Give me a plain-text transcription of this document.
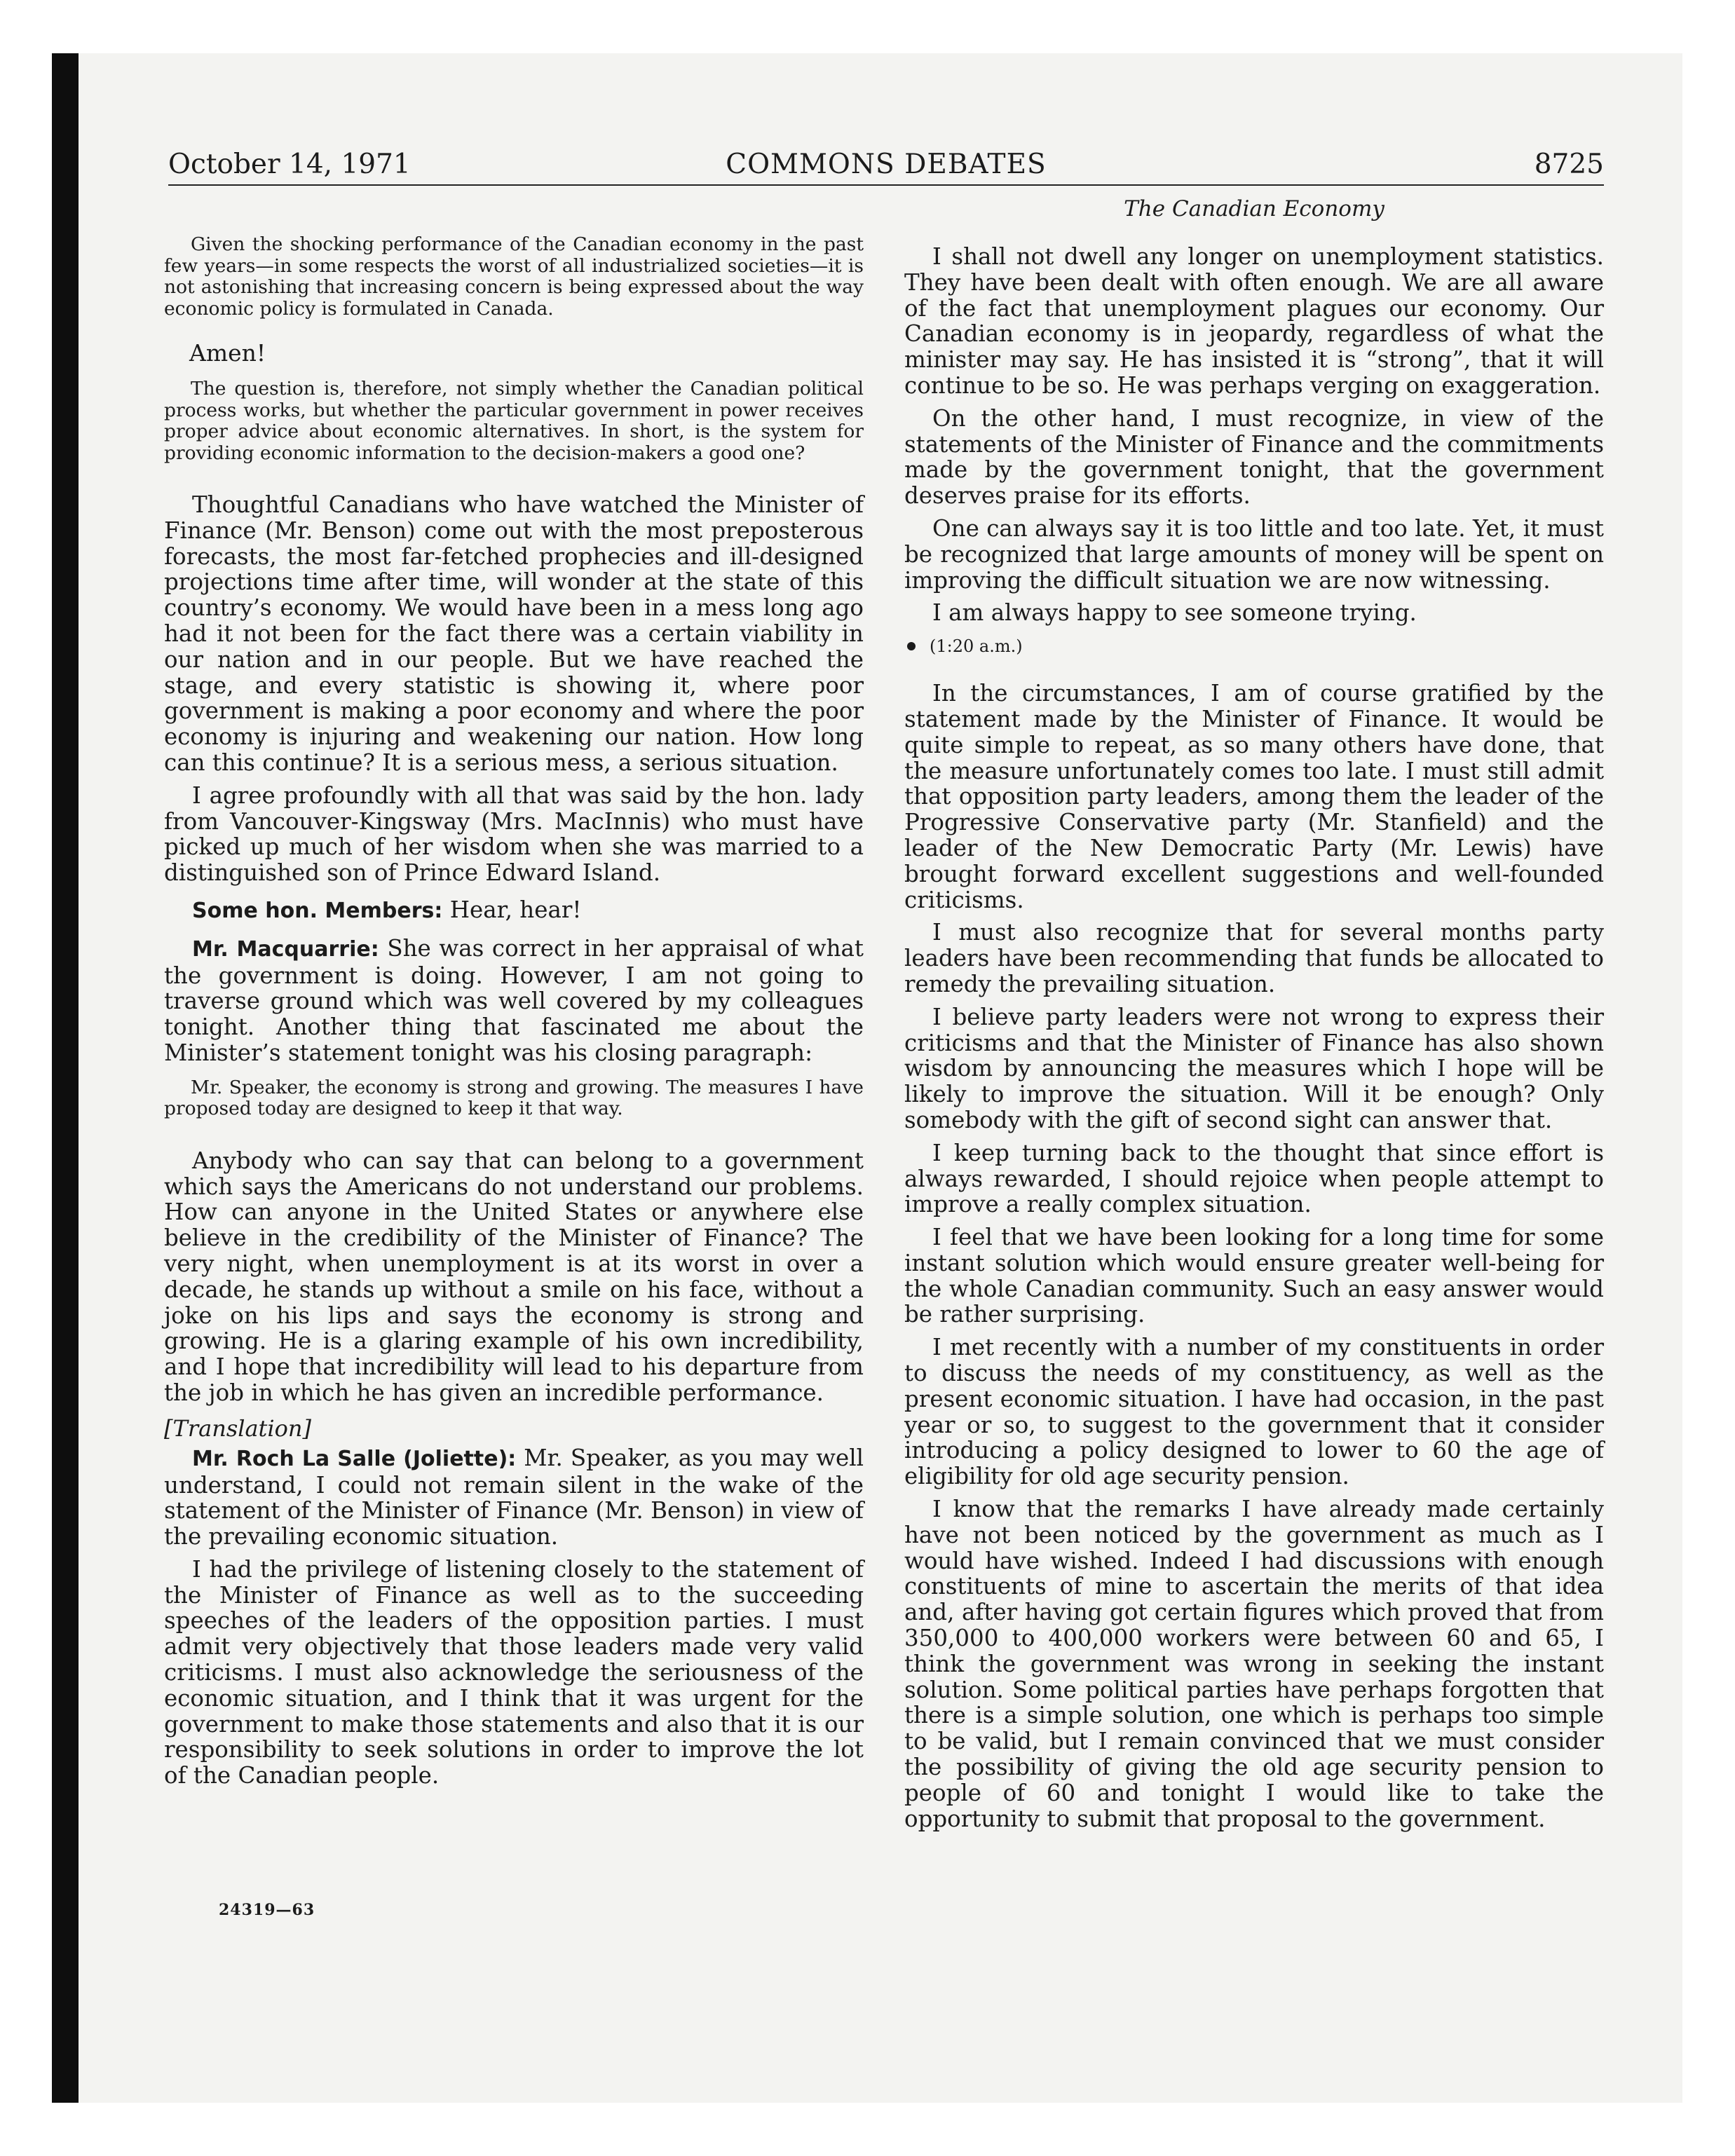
COMMONS DEBATES
October 14, 1971	8725

Given the shocking performance of the Canadian economy in the past few years—in some respects the worst of all industrialized societies—it is not astonishing that increasing concern is being expressed about the way economic policy is formulated in Canada.

Amen!

The question is, therefore, not simply whether the Canadian political process works, but whether the particular government in power receives proper advice about economic alternatives. In short, is the system for providing economic information to the decision-makers a good one?

Thoughtful Canadians who have watched the Minister of Finance (Mr. Benson) come out with the most preposterous forecasts, the most far-fetched prophecies and ill-designed projections time after time, will wonder at the state of this country’s economy. We would have been in a mess long ago had it not been for the fact there was a certain viability in our nation and in our people. But we have reached the stage, and every statistic is showing it, where poor government is making a poor economy and where the poor economy is injuring and weakening our nation. How long can this continue? It is a serious mess, a serious situation.

I agree profoundly with all that was said by the hon. lady from Vancouver-Kingsway (Mrs. MacInnis) who must have picked up much of her wisdom when she was married to a distinguished son of Prince Edward Island.

Some hon. Members: Hear, hear!

Mr. Macquarrie: She was correct in her appraisal of what the government is doing. However, I am not going to traverse ground which was well covered by my colleagues tonight. Another thing that fascinated me about the Minister’s statement tonight was his closing paragraph:

Mr. Speaker, the economy is strong and growing. The measures I have proposed today are designed to keep it that way.

Anybody who can say that can belong to a government which says the Americans do not understand our problems. How can anyone in the United States or anywhere else believe in the credibility of the Minister of Finance? The very night, when unemployment is at its worst in over a decade, he stands up without a smile on his face, without a joke on his lips and says the economy is strong and growing. He is a glaring example of his own incredibility, and I hope that incredibility will lead to his departure from the job in which he has given an incredible performance.

[Translation]

Mr. Roch La Salle (Joliette): Mr. Speaker, as you may well understand, I could not remain silent in the wake of the statement of the Minister of Finance (Mr. Benson) in view of the prevailing economic situation.

I had the privilege of listening closely to the statement of the Minister of Finance as well as to the succeeding speeches of the leaders of the opposition parties. I must admit very objectively that those leaders made very valid criticisms. I must also acknowledge the seriousness of the economic situation, and I think that it was urgent for the government to make those statements and also that it is our responsibility to seek solutions in order to improve the lot of the Canadian people.

The Canadian Economy

I shall not dwell any longer on unemployment statistics. They have been dealt with often enough. We are all aware of the fact that unemployment plagues our economy. Our Canadian economy is in jeopardy, regardless of what the minister may say. He has insisted it is “strong”, that it will continue to be so. He was perhaps verging on exaggeration.

On the other hand, I must recognize, in view of the statements of the Minister of Finance and the commitments made by the government tonight, that the government deserves praise for its efforts.

One can always say it is too little and too late. Yet, it must be recognized that large amounts of money will be spent on improving the difficult situation we are now witnessing.

I am always happy to see someone trying.

(1:20 a.m.)

In the circumstances, I am of course gratified by the statement made by the Minister of Finance. It would be quite simple to repeat, as so many others have done, that the measure unfortunately comes too late. I must still admit that opposition party leaders, among them the leader of the Progressive Conservative party (Mr. Stanfield) and the leader of the New Democratic Party (Mr. Lewis) have brought forward excellent suggestions and well-founded criticisms.

I must also recognize that for several months party leaders have been recommending that funds be allocated to remedy the prevailing situation.

I believe party leaders were not wrong to express their criticisms and that the Minister of Finance has also shown wisdom by announcing the measures which I hope will be likely to improve the situation. Will it be enough? Only somebody with the gift of second sight can answer that.

I keep turning back to the thought that since effort is always rewarded, I should rejoice when people attempt to improve a really complex situation.

I feel that we have been looking for a long time for some instant solution which would ensure greater well-being for the whole Canadian community. Such an easy answer would be rather surprising.

I met recently with a number of my constituents in order to discuss the needs of my constituency, as well as the present economic situation. I have had occasion, in the past year or so, to suggest to the government that it consider introducing a policy designed to lower to 60 the age of eligibility for old age security pension.

I know that the remarks I have already made certainly have not been noticed by the government as much as I would have wished. Indeed I had discussions with enough constituents of mine to ascertain the merits of that idea and, after having got certain figures which proved that from 350,000 to 400,000 workers were between 60 and 65, I think the government was wrong in seeking the instant solution. Some political parties have perhaps forgotten that there is a simple solution, one which is perhaps too simple to be valid, but I remain convinced that we must consider the possibility of giving the old age security pension to people of 60 and tonight I would like to take the opportunity to submit that proposal to the government.

24319—63
